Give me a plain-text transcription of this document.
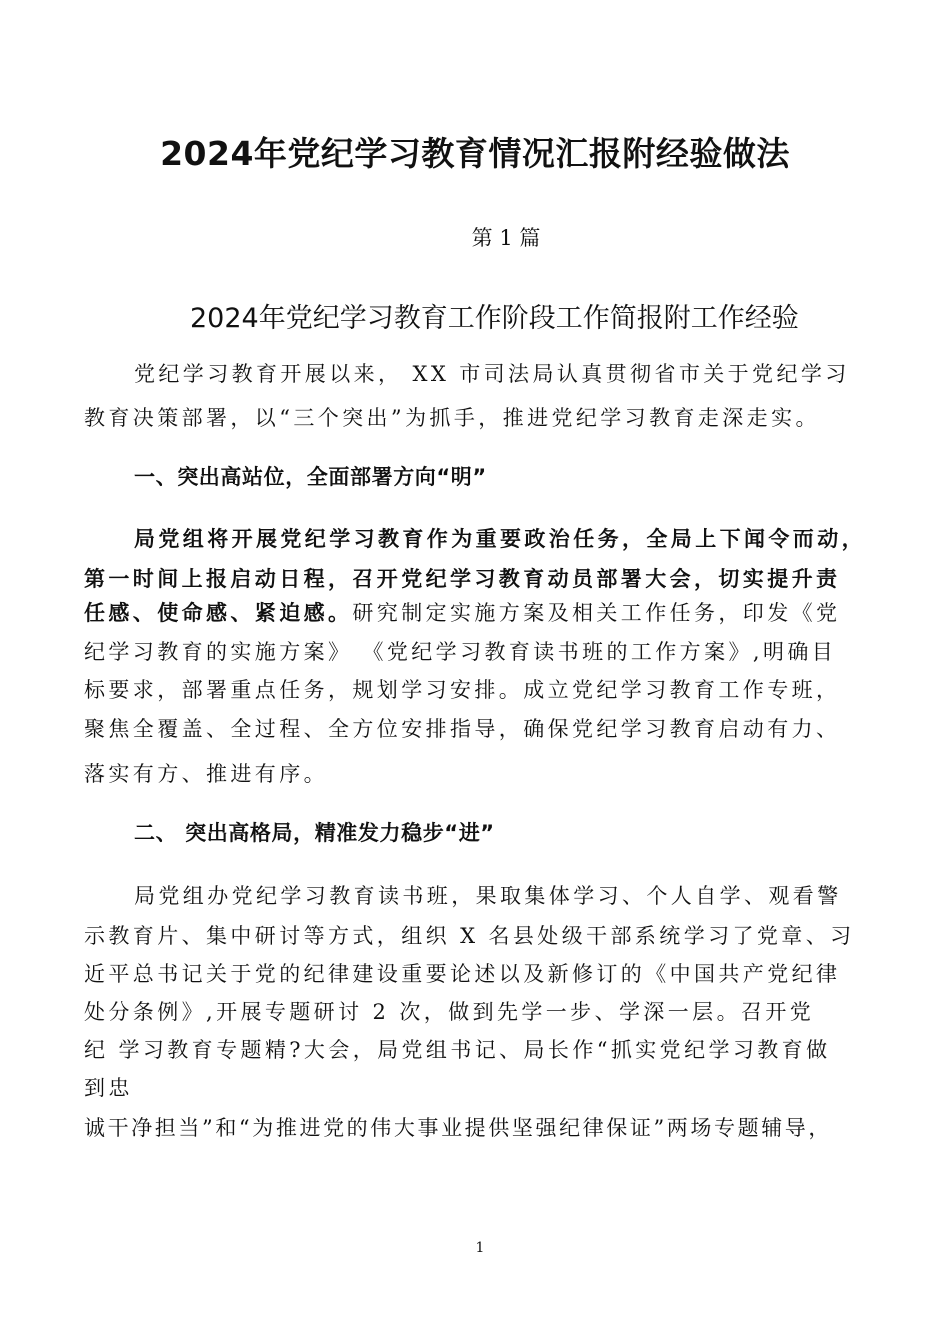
2024年党纪学习教育情况汇报附经验做法
第 1 篇
2024年党纪学习教育工作阶段工作简报附工作经验
党纪学习教育开展以来， XX 市司法局认真贯彻省市关于党纪学习
教育决策部署，以“三个突出”为抓手，推进党纪学习教育走深走实。
一、突出高站位，全面部署方向“明”
局党组将开展党纪学习教育作为重要政治任务，全局上下闻令而动，
第一时间上报启动日程，召开党纪学习教育动员部署大会，切实提升责
任感、使命感、紧迫感。研究制定实施方案及相关工作任务，印发《党
纪学习教育的实施方案》 《党纪学习教育读书班的工作方案》,明确目
标要求，部署重点任务，规划学习安排。成立党纪学习教育工作专班，
聚焦全覆盖、全过程、全方位安排指导，确保党纪学习教育启动有力、
落实有方、推进有序。
二、 突出高格局，精准发力稳步“进”
局党组办党纪学习教育读书班，果取集体学习、个人自学、观看警
示教育片、集中研讨等方式，组织 X 名县处级干部系统学习了党章、习
近平总书记关于党的纪律建设重要论述以及新修订的《中国共产党纪律
处分条例》,开展专题研讨 2 次，做到先学一步、学深一层。召开党
纪 学习教育专题精?大会，局党组书记、局长作“抓实党纪学习教育做
到忠
诚干净担当”和“为推进党的伟大事业提供坚强纪律保证”两场专题辅导，
1
